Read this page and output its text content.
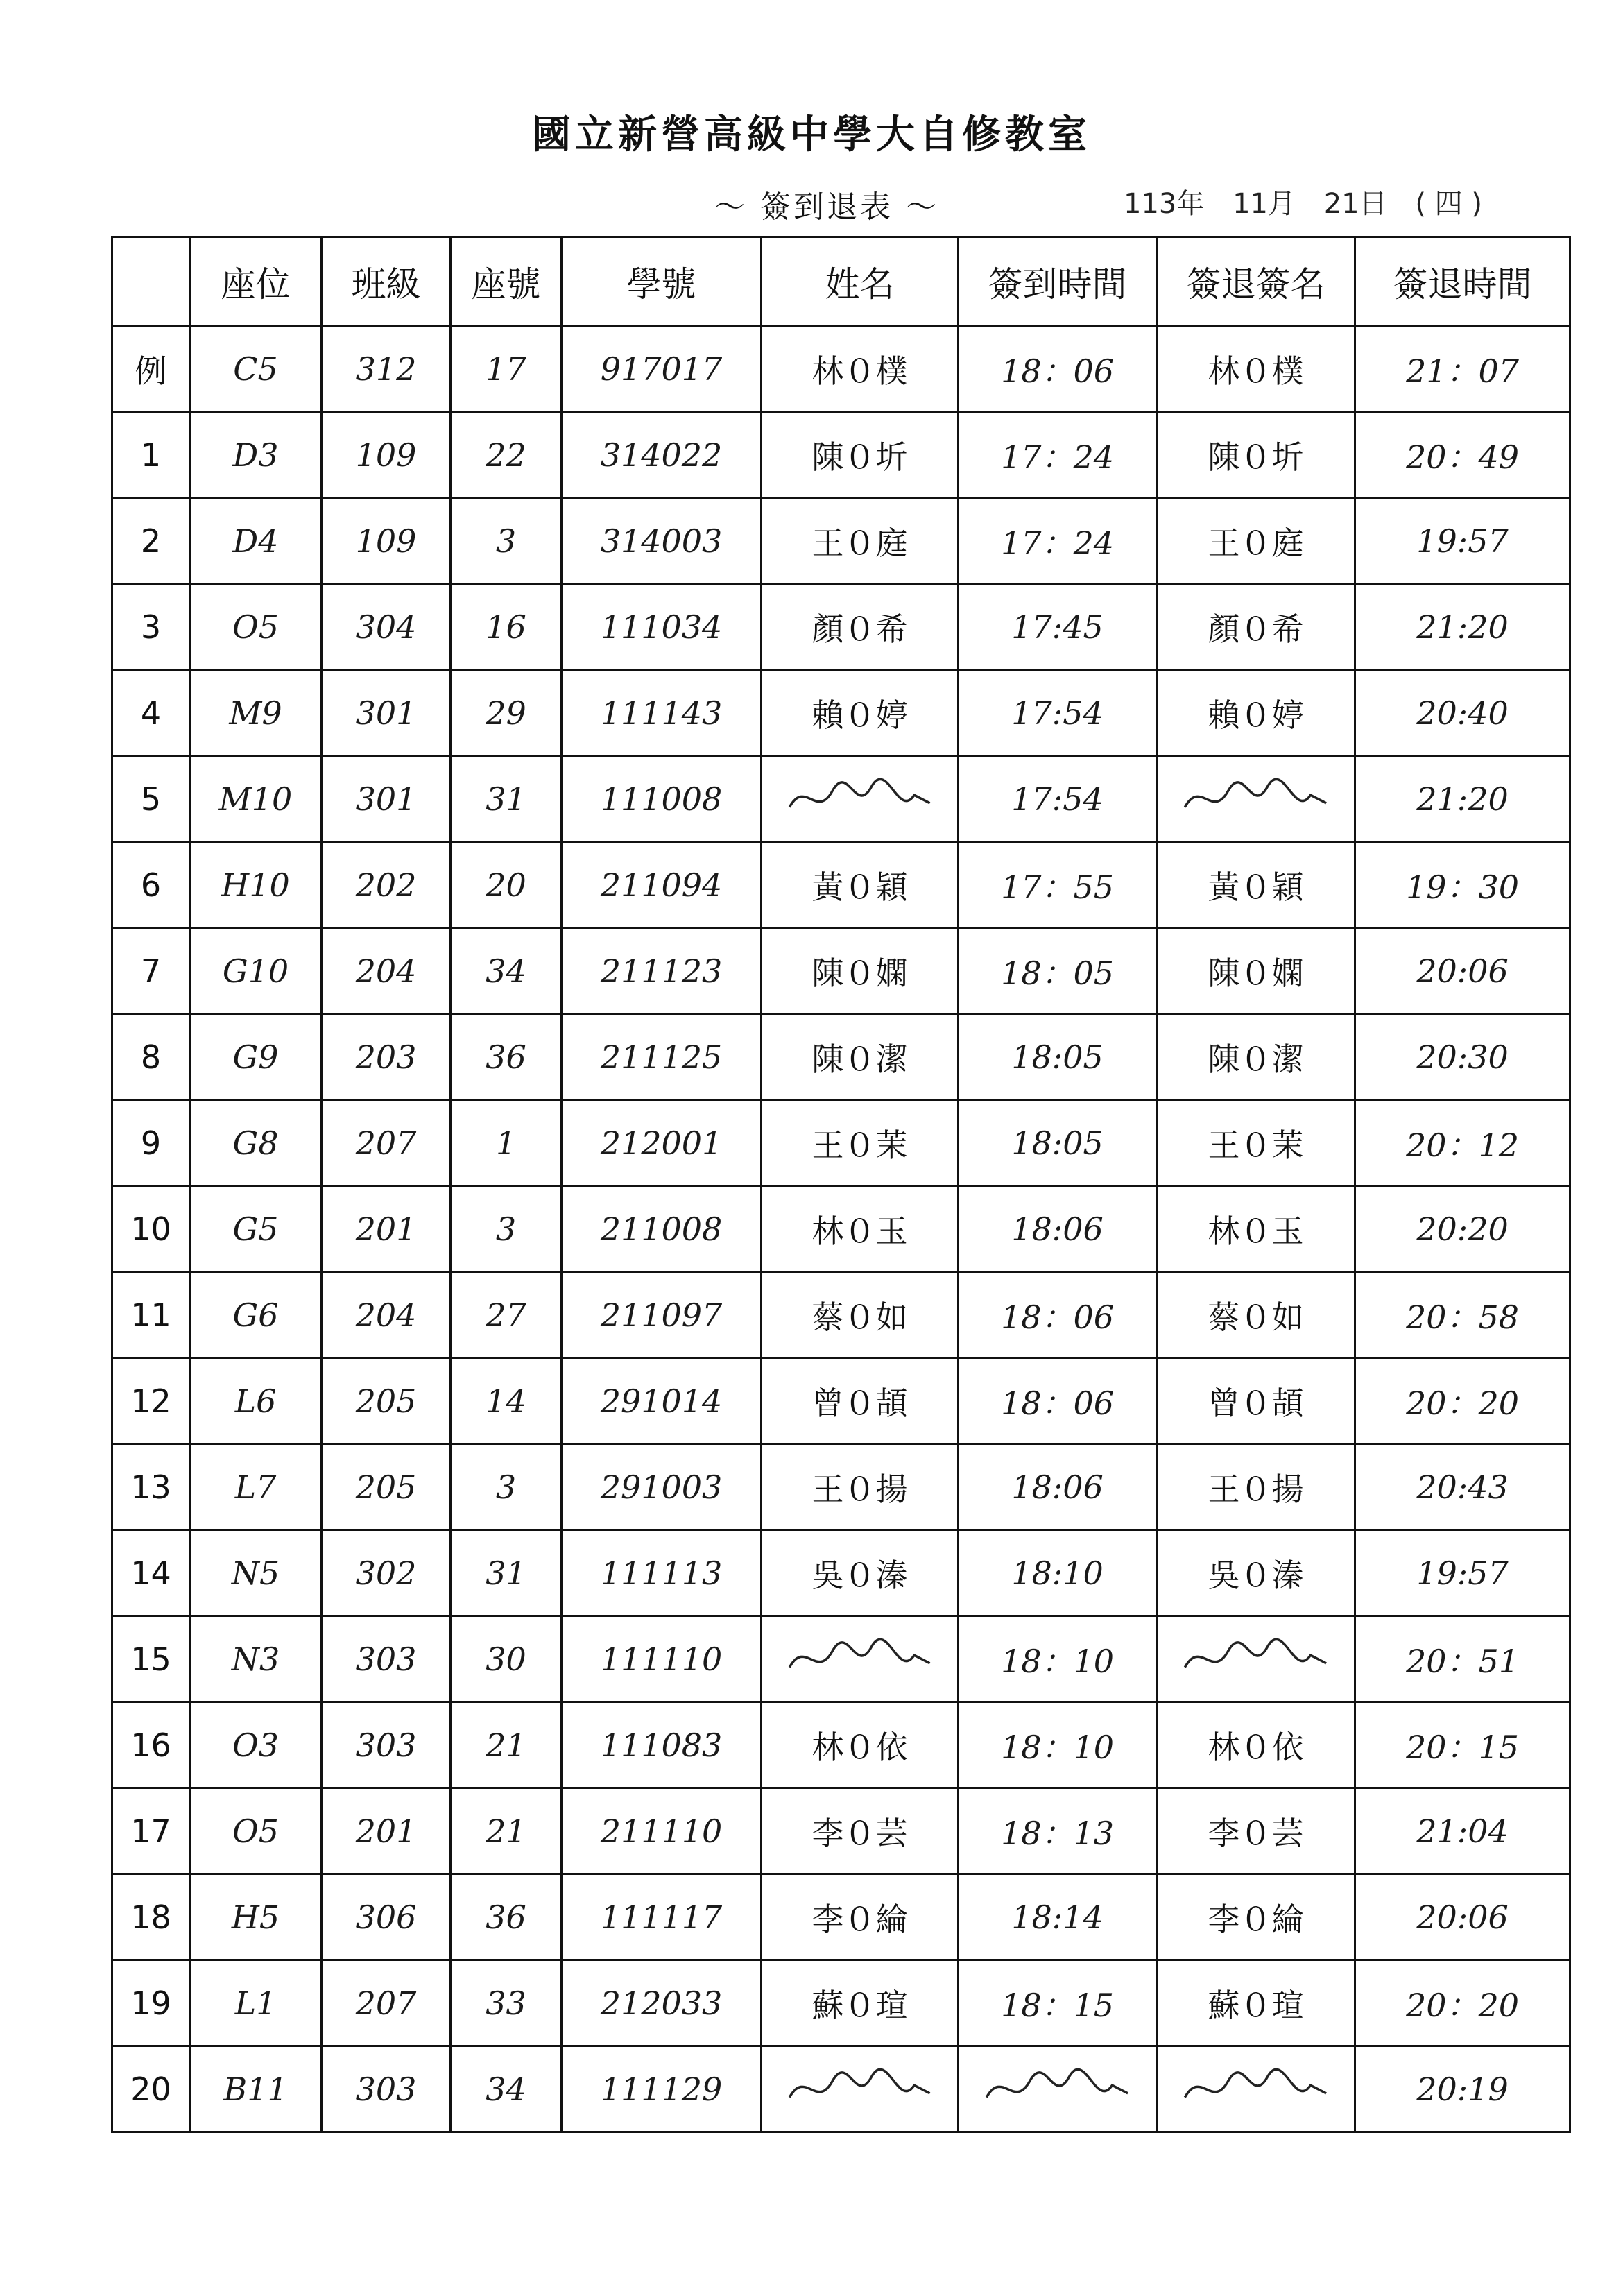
國立新營高級中學大自修教室
～ 簽到退表 ～	113年 11月 21日 ( 四 )
	座位	班級	座號	學號	姓名	簽到時間	簽退簽名	簽退時間
例	C5	312	17	917017	林０樸	18：06	林０樸	21：07
1	D3	109	22	314022	陳０圻	17：24	陳０圻	20：49
2	D4	109	3	314003	王０庭	17：24	王０庭	19:57
3	O5	304	16	111034	顏０希	17:45	顏０希	21:20
4	M9	301	29	111143	賴０婷	17:54	賴０婷	20:40
5	M10	301	31	111008		17:54		21:20
6	H10	202	20	211094	黃０穎	17：55	黃０穎	19：30
7	G10	204	34	211123	陳０嫻	18：05	陳０嫻	20:06
8	G9	203	36	211125	陳０潔	18:05	陳０潔	20:30
9	G8	207	1	212001	王０茉	18:05	王０茉	20：12
10	G5	201	3	211008	林０玉	18:06	林０玉	20:20
11	G6	204	27	211097	蔡０如	18：06	蔡０如	20：58
12	L6	205	14	291014	曾０頡	18：06	曾０頡	20：20
13	L7	205	3	291003	王０揚	18:06	王０揚	20:43
14	N5	302	31	111113	吳０溱	18:10	吳０溱	19:57
15	N3	303	30	111110		18：10		20：51
16	O3	303	21	111083	林０依	18：10	林０依	20：15
17	O5	201	21	211110	李０芸	18：13	李０芸	21:04
18	H5	306	36	111117	李０綸	18:14	李０綸	20:06
19	L1	207	33	212033	蘇０瑄	18：15	蘇０瑄	20：20
20	B11	303	34	111129				20:19
